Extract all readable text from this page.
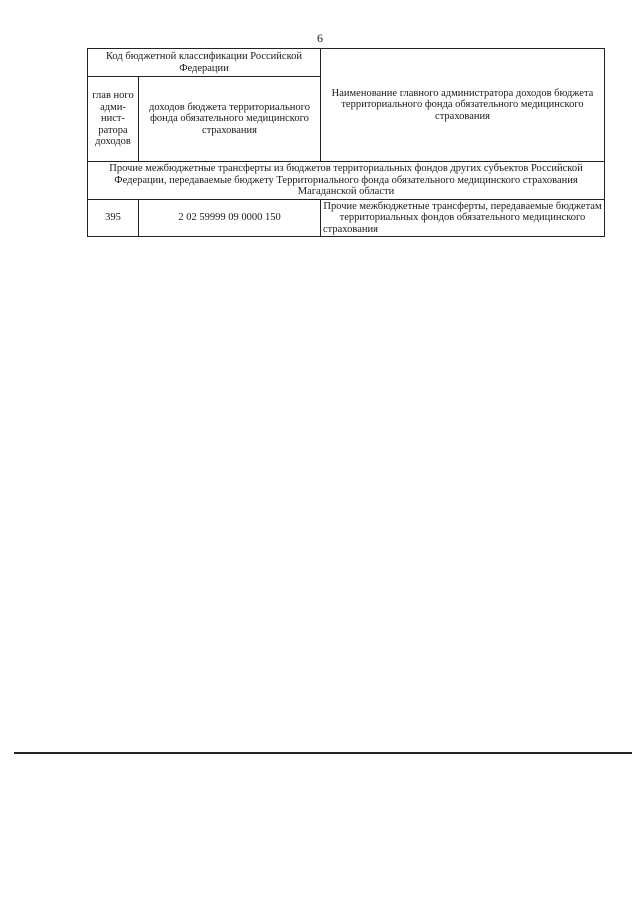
6
Код бюджетной классификации Российской Федерации		Наименование главного администратора доходов бюджета территориального фонда обязательного медицинского страхования
глав ного адми- нист- ратора доходов	доходов бюджета территориального фонда обязательного медицинского страхования	
Прочие межбюджетные трансферты из бюджетов территориальных фондов других субъектов Российской Федерации, передаваемые бюджету Территориального фонда обязательного медицинского страхования Магаданской области		
395	2 02 59999 09 0000 150	Прочие межбюджетные трансферты, передаваемые бюджетам территориальных фондов обязательного медицинского страхования
